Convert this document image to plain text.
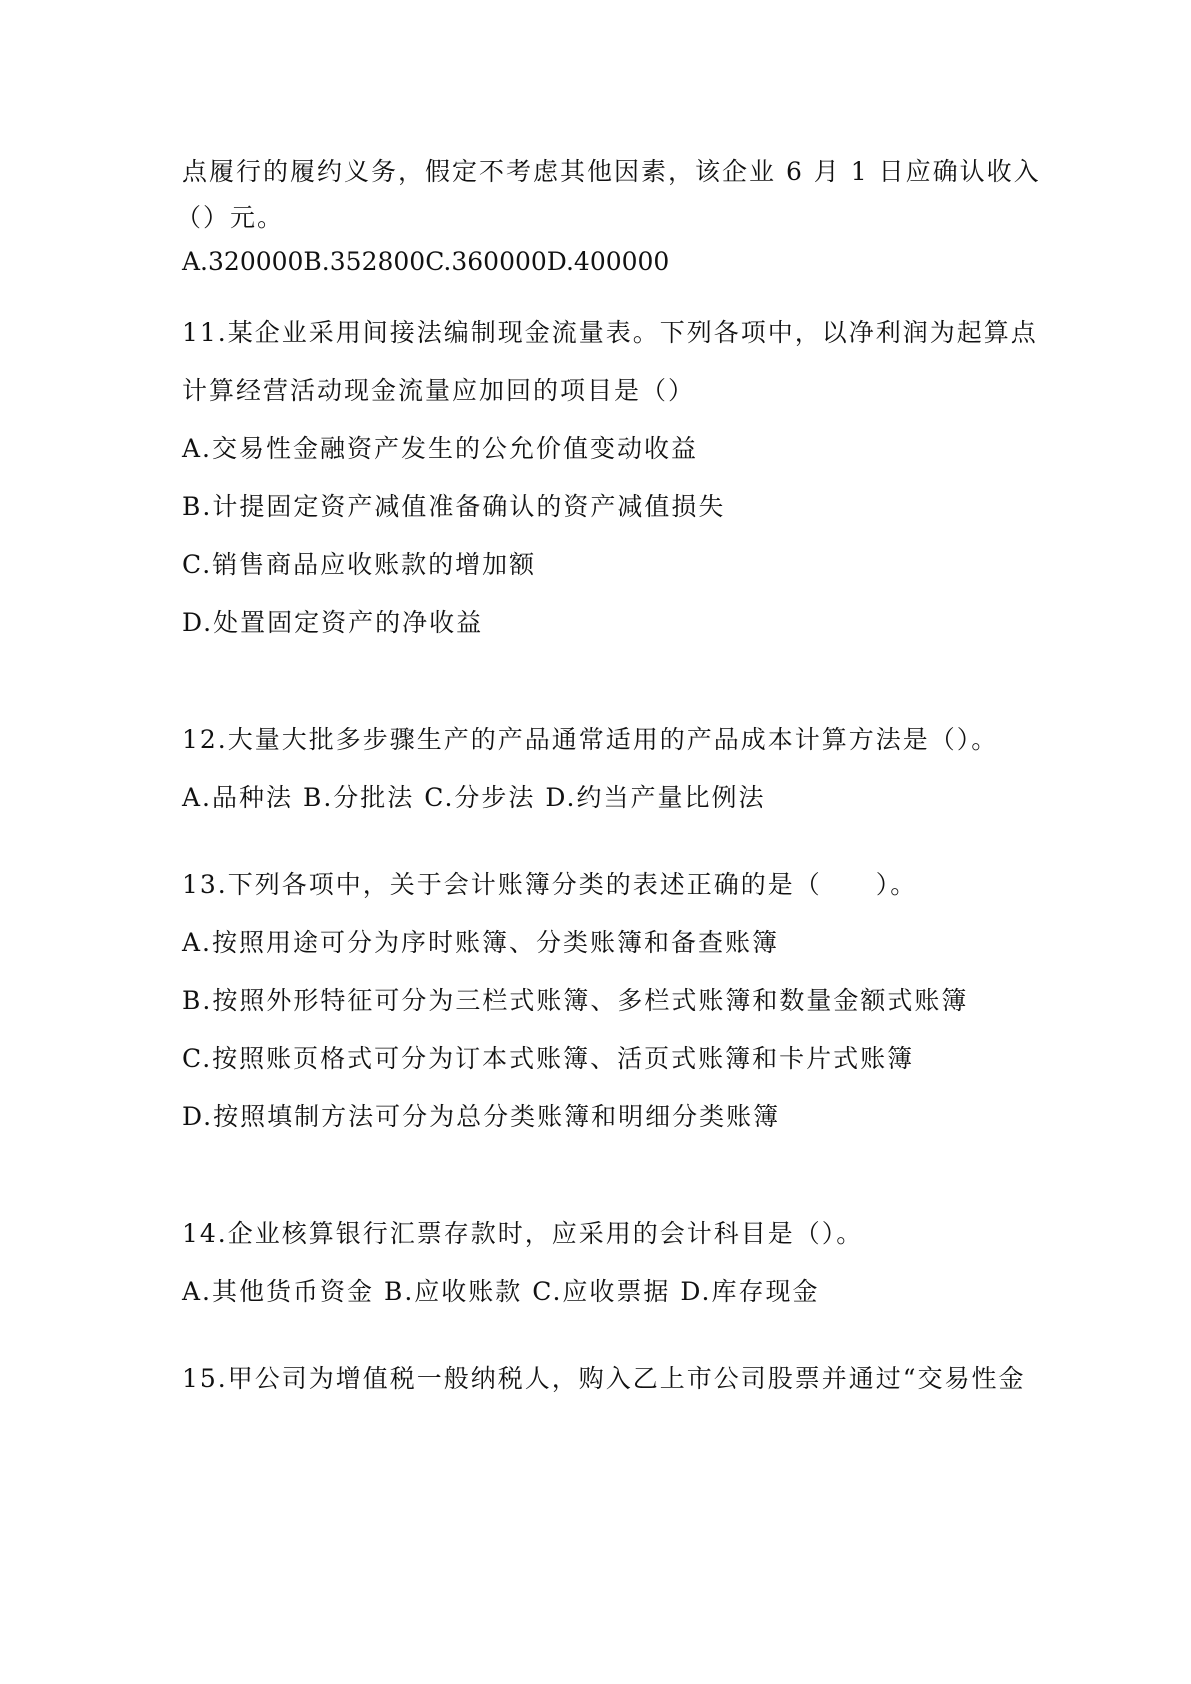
点履行的履约义务，假定不考虑其他因素，该企业 6 月 1 日应确认收入

（）元。

A.320000B.352800C.360000D.400000

11.某企业采用间接法编制现金流量表。下列各项中，以净利润为起算点

计算经营活动现金流量应加回的项目是（）

A.交易性金融资产发生的公允价值变动收益

B.计提固定资产减值准备确认的资产减值损失

C.销售商品应收账款的增加额

D.处置固定资产的净收益

12.大量大批多步骤生产的产品通常适用的产品成本计算方法是（）。

A.品种法 B.分批法 C.分步法 D.约当产量比例法

13.下列各项中，关于会计账簿分类的表述正确的是（　　）。

A.按照用途可分为序时账簿、分类账簿和备查账簿

B.按照外形特征可分为三栏式账簿、多栏式账簿和数量金额式账簿

C.按照账页格式可分为订本式账簿、活页式账簿和卡片式账簿

D.按照填制方法可分为总分类账簿和明细分类账簿

14.企业核算银行汇票存款时，应采用的会计科目是（）。

A.其他货币资金 B.应收账款 C.应收票据 D.库存现金

15.甲公司为增值税一般纳税人，购入乙上市公司股票并通过“交易性金
